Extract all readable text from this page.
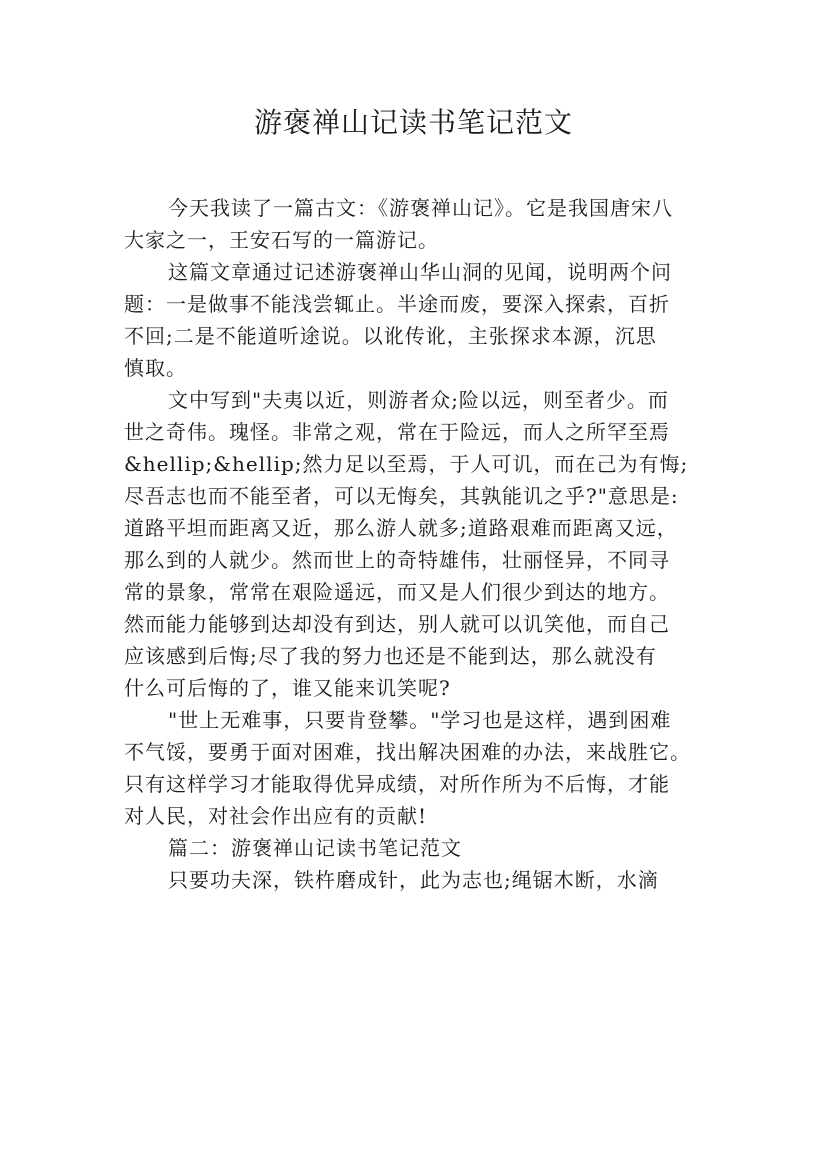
游褒禅山记读书笔记范文

今天我读了一篇古文：《游褒禅山记》。它是我国唐宋八

大家之一，王安石写的一篇游记。

这篇文章通过记述游褒禅山华山洞的见闻，说明两个问

题：一是做事不能浅尝辄止。半途而废，要深入探索，百折

不回;二是不能道听途说。以讹传讹，主张探求本源，沉思

慎取。

文中写到"夫夷以近，则游者众;险以远，则至者少。而

世之奇伟。瑰怪。非常之观，常在于险远，而人之所罕至焉

&hellip;&hellip;然力足以至焉，于人可讥，而在己为有悔;

尽吾志也而不能至者，可以无悔矣，其孰能讥之乎?"意思是:

道路平坦而距离又近，那么游人就多;道路艰难而距离又远，

那么到的人就少。然而世上的奇特雄伟，壮丽怪异，不同寻

常的景象，常常在艰险遥远，而又是人们很少到达的地方。

然而能力能够到达却没有到达，别人就可以讥笑他，而自己

应该感到后悔;尽了我的努力也还是不能到达，那么就没有

什么可后悔的了，谁又能来讥笑呢?

"世上无难事，只要肯登攀。"学习也是这样，遇到困难

不气馁，要勇于面对困难，找出解决困难的办法，来战胜它。

只有这样学习才能取得优异成绩，对所作所为不后悔，才能

对人民，对社会作出应有的贡献!

篇二：游褒禅山记读书笔记范文

只要功夫深，铁杵磨成针，此为志也;绳锯木断，水滴
